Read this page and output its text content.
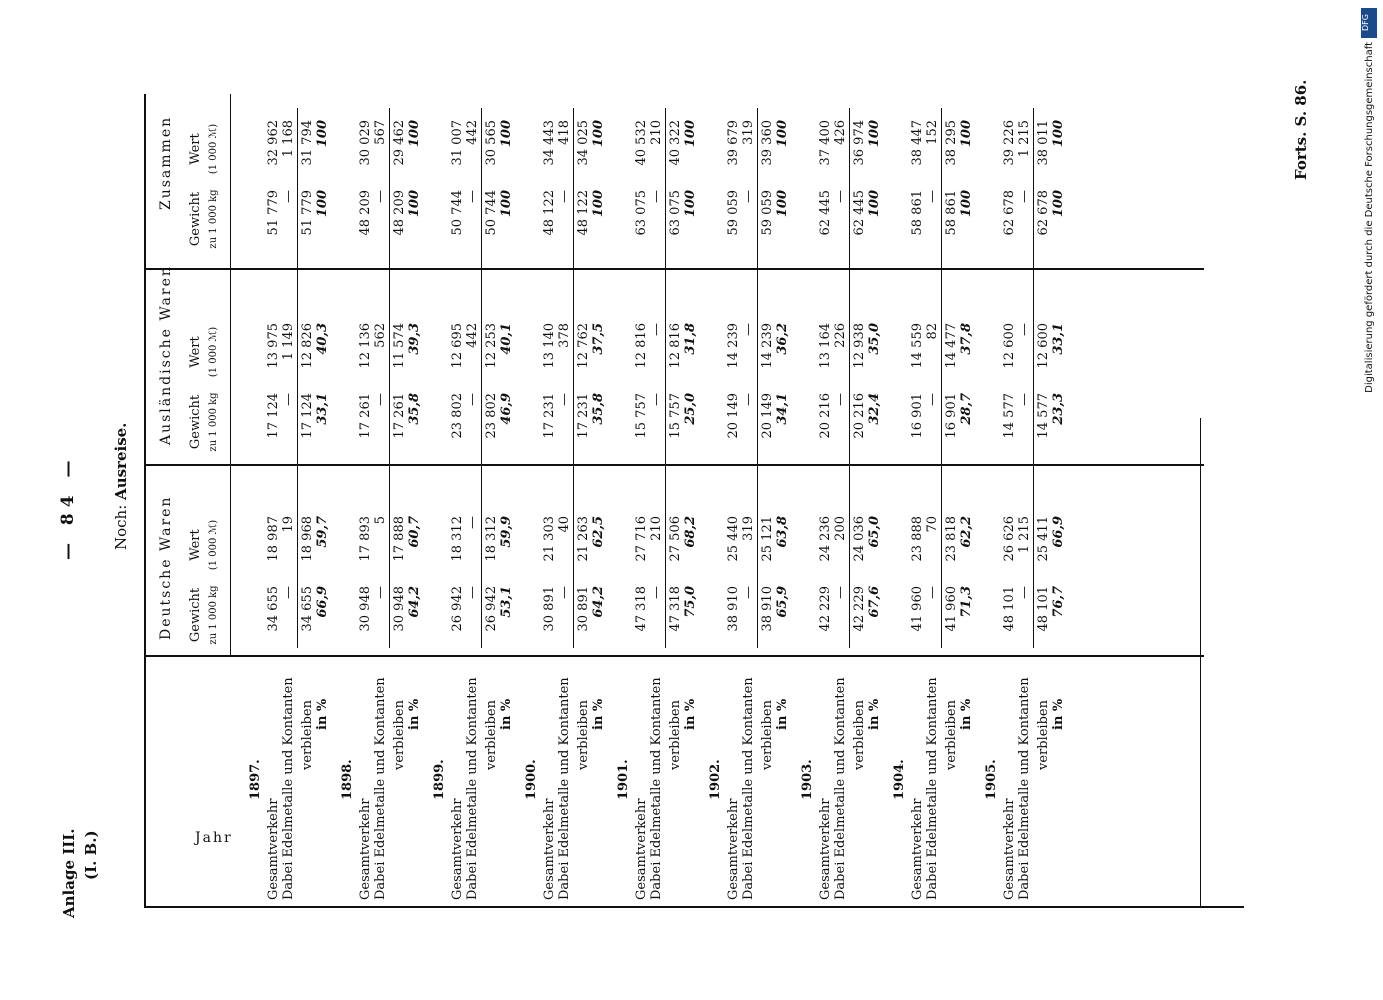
Anlage III. (I. B.)
— 84 — Noch: Ausreise.
Jahr
Deutsche Waren
Ausländische Waren
Zusammen
Gewicht zu 1 000 kg
Wert (1 000 ℳ)
Gewicht zu 1 000 kg
Wert (1 000 ℳ)
Gewicht zu 1 000 kg
Wert (1 000 ℳ)
1897.
Gesamtverkehr
34 655
18 987
17 124
13 975
51 779
32 962
Dabei Edelmetalle und Kontanten
—
19
—
1 149
—
1 168
verbleiben
34 655
18 968
17 124
12 826
51 779
31 794
in %
66,9
59,7
33,1
40,3
100
100
1898.
Gesamtverkehr
30 948
17 893
17 261
12 136
48 209
30 029
Dabei Edelmetalle und Kontanten
—
5
—
562
—
567
verbleiben
30 948
17 888
17 261
11 574
48 209
29 462
in %
64,2
60,7
35,8
39,3
100
100
1899.
Gesamtverkehr
26 942
18 312
23 802
12 695
50 744
31 007
Dabei Edelmetalle und Kontanten
—
—
—
442
—
442
verbleiben
26 942
18 312
23 802
12 253
50 744
30 565
in %
53,1
59,9
46,9
40,1
100
100
1900.
Gesamtverkehr
30 891
21 303
17 231
13 140
48 122
34 443
Dabei Edelmetalle und Kontanten
—
40
—
378
—
418
verbleiben
30 891
21 263
17 231
12 762
48 122
34 025
in %
64,2
62,5
35,8
37,5
100
100
1901.
Gesamtverkehr
47 318
27 716
15 757
12 816
63 075
40 532
Dabei Edelmetalle und Kontanten
—
210
—
—
—
210
verbleiben
47 318
27 506
15 757
12 816
63 075
40 322
in %
75,0
68,2
25,0
31,8
100
100
1902.
Gesamtverkehr
38 910
25 440
20 149
14 239
59 059
39 679
Dabei Edelmetalle und Kontanten
—
319
—
—
—
319
verbleiben
38 910
25 121
20 149
14 239
59 059
39 360
in %
65,9
63,8
34,1
36,2
100
100
1903.
Gesamtverkehr
42 229
24 236
20 216
13 164
62 445
37 400
Dabei Edelmetalle und Kontanten
—
200
—
226
—
426
verbleiben
42 229
24 036
20 216
12 938
62 445
36 974
in %
67,6
65,0
32,4
35,0
100
100
1904.
Gesamtverkehr
41 960
23 888
16 901
14 559
58 861
38 447
Dabei Edelmetalle und Kontanten
—
70
—
82
—
152
verbleiben
41 960
23 818
16 901
14 477
58 861
38 295
in %
71,3
62,2
28,7
37,8
100
100
1905.
Gesamtverkehr
48 101
26 626
14 577
12 600
62 678
39 226
Dabei Edelmetalle und Kontanten
—
1 215
—
—
—
1 215
verbleiben
48 101
25 411
14 577
12 600
62 678
38 011
in %
76,7
66,9
23,3
33,1
100
100	Forts. S. 86.
DFG
Digitalisierung gefördert durch die Deutsche Forschungsgemeinschaft
